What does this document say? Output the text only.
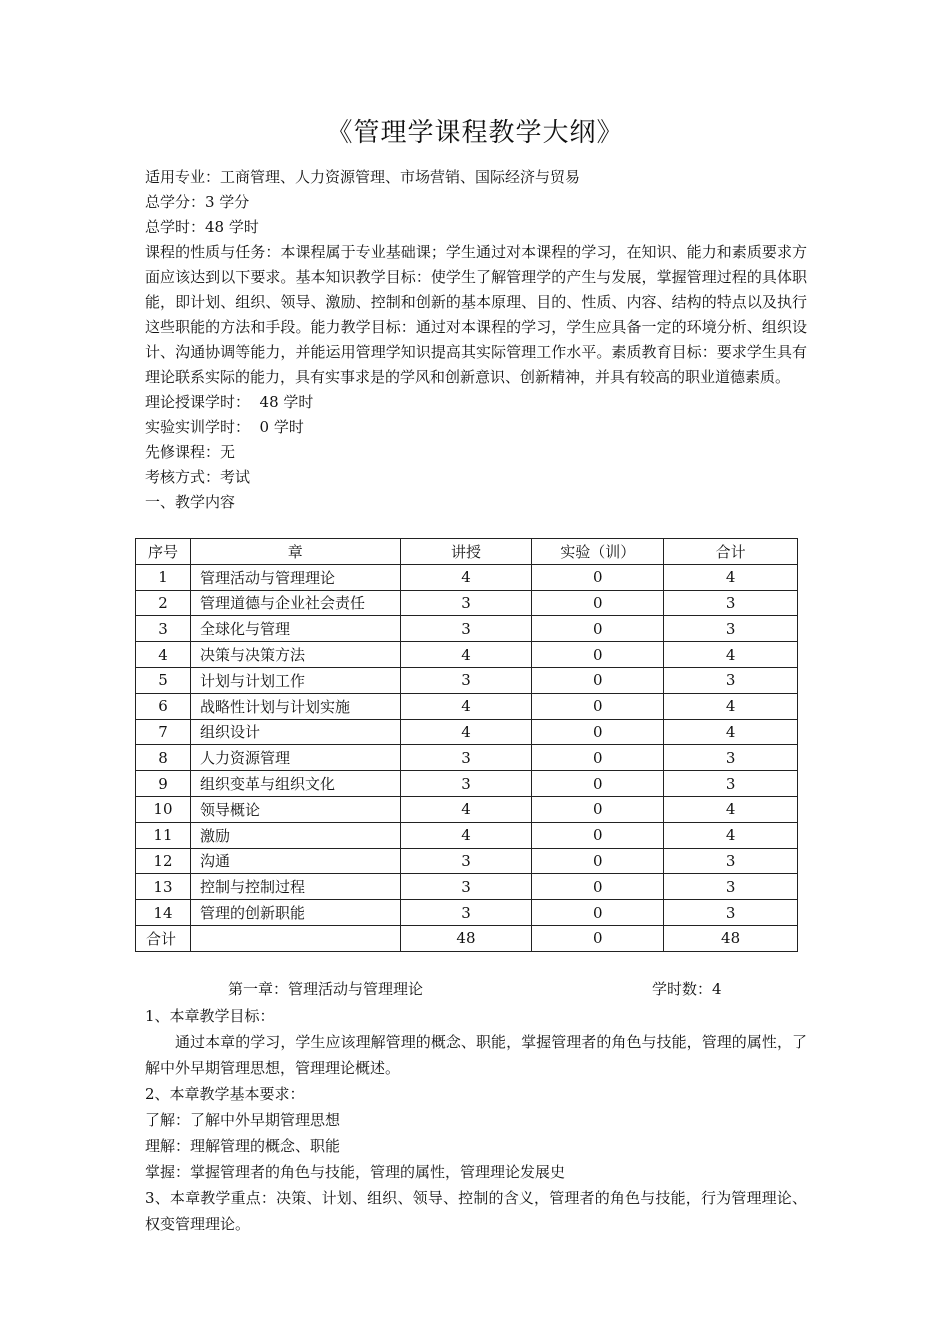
《管理学课程教学大纲》

适用专业：工商管理、人力资源管理、市场营销、国际经济与贸易

总学分：3 学分

总学时：48 学时

课程的性质与任务：本课程属于专业基础课；学生通过对本课程的学习，在知识、能力和素质要求方面应该达到以下要求。基本知识教学目标：使学生了解管理学的产生与发展，掌握管理过程的具体职能，即计划、组织、领导、激励、控制和创新的基本原理、目的、性质、内容、结构的特点以及执行这些职能的方法和手段。能力教学目标：通过对本课程的学习，学生应具备一定的环境分析、组织设计、沟通协调等能力，并能运用管理学知识提高其实际管理工作水平。素质教育目标：要求学生具有理论联系实际的能力，具有实事求是的学风和创新意识、创新精神，并具有较高的职业道德素质。

理论授课学时：  48 学时

实验实训学时：  0 学时

先修课程：无

考核方式：考试

一、教学内容

序号	章	讲授	实验（训）	合计
1	管理活动与管理理论	4	0	4
2	管理道德与企业社会责任	3	0	3
3	全球化与管理	3	0	3
4	决策与决策方法	4	0	4
5	计划与计划工作	3	0	3
6	战略性计划与计划实施	4	0	4
7	组织设计	4	0	4
8	人力资源管理	3	0	3
9	组织变革与组织文化	3	0	3
10	领导概论	4	0	4
11	激励	4	0	4
12	沟通	3	0	3
13	控制与控制过程	3	0	3
14	管理的创新职能	3	0	3
合计		48	0	48
第一章：管理活动与管理理论	学时数：4

1、本章教学目标：

通过本章的学习，学生应该理解管理的概念、职能，掌握管理者的角色与技能，管理的属性，了解中外早期管理思想，管理理论概述。

2、本章教学基本要求：

了解：了解中外早期管理思想

理解：理解管理的概念、职能

掌握：掌握管理者的角色与技能，管理的属性，管理理论发展史

3、本章教学重点：决策、计划、组织、领导、控制的含义，管理者的角色与技能，行为管理理论、权变管理理论。
